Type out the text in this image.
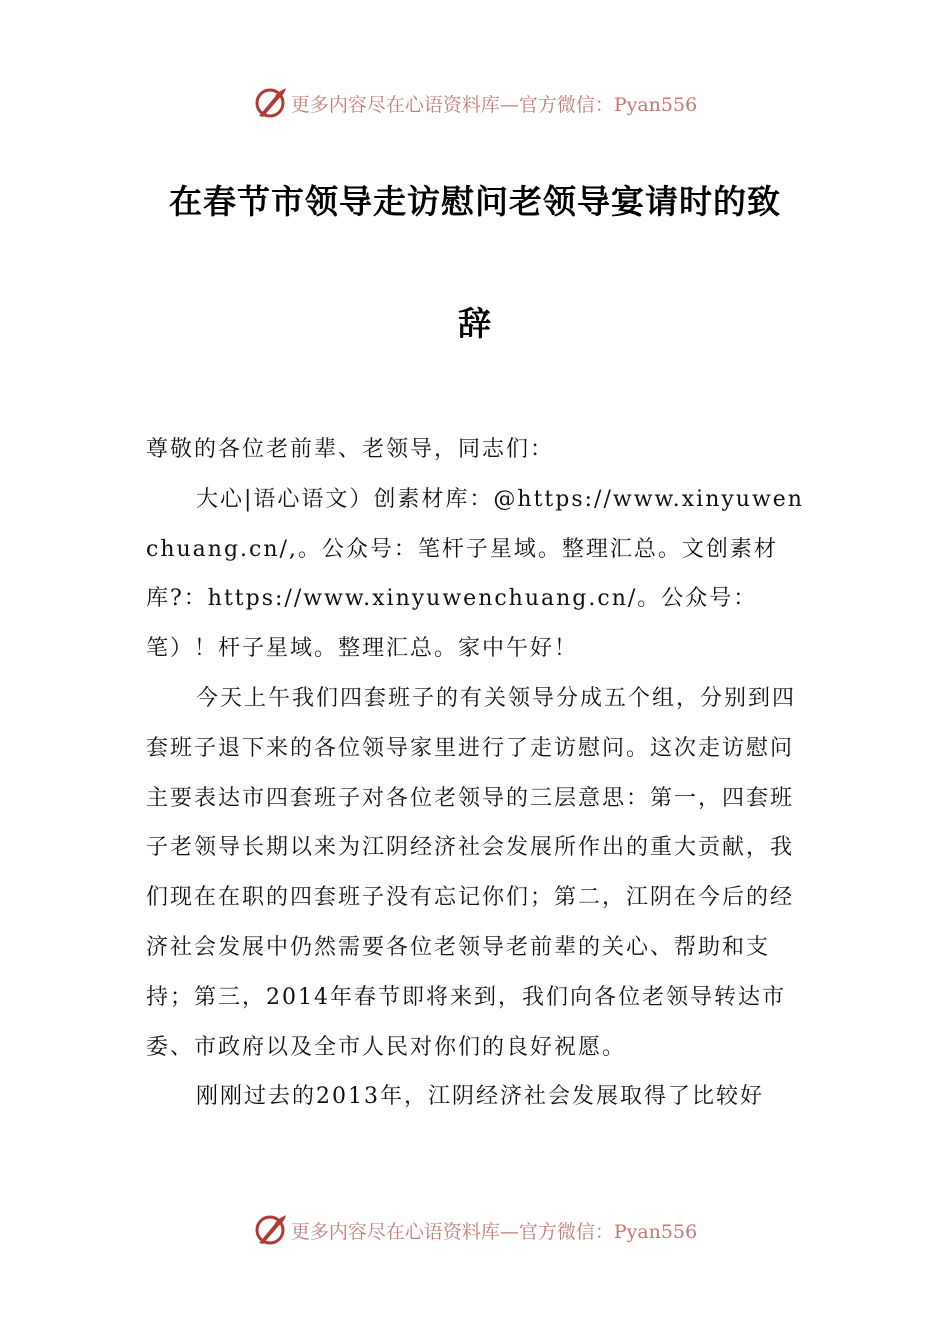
更多内容尽在心语资料库—官方微信：Pyan556
在春节市领导走访慰问老领导宴请时的致
辞

尊敬的各位老前辈、老领导，同志们：

大心|语心语文）创素材库：@https://www.xinyuwenchuang.cn/,。公众号：笔杆子星域。整理汇总。文创素材库?：https://www.xinyuwenchuang.cn/。公众号：笔）！杆子星域。整理汇总。家中午好！

今天上午我们四套班子的有关领导分成五个组，分别到四套班子退下来的各位领导家里进行了走访慰问。这次走访慰问主要表达市四套班子对各位老领导的三层意思：第一，四套班子老领导长期以来为江阴经济社会发展所作出的重大贡献，我们现在在职的四套班子没有忘记你们；第二，江阴在今后的经济社会发展中仍然需要各位老领导老前辈的关心、帮助和支持；第三，2014年春节即将来到，我们向各位老领导转达市委、市政府以及全市人民对你们的良好祝愿。

刚刚过去的2013年，江阴经济社会发展取得了比较好

更多内容尽在心语资料库—官方微信：Pyan556
